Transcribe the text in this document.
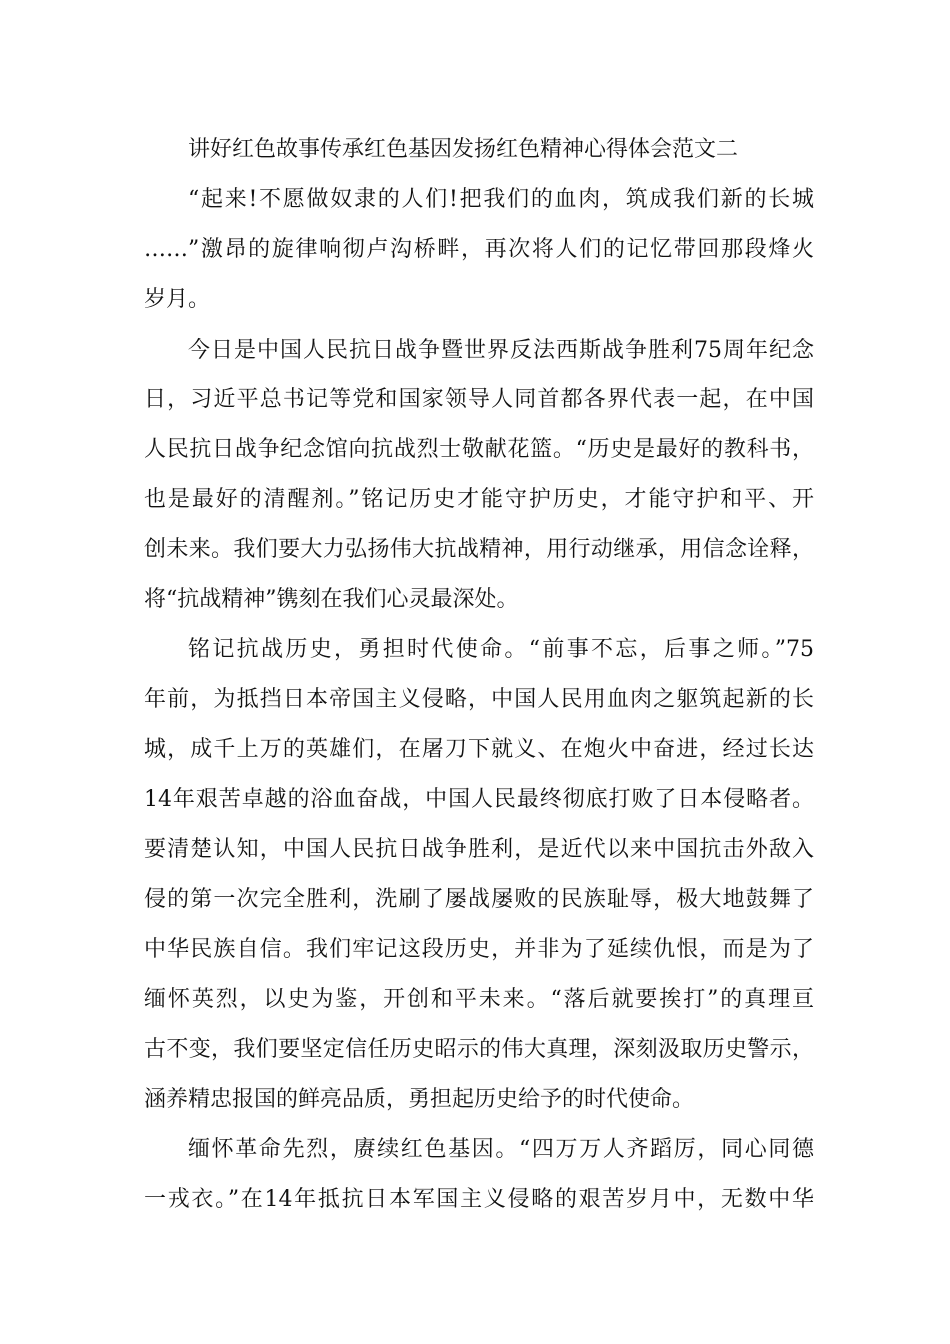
讲好红色故事传承红色基因发扬红色精神心得体会范文二
“起来!不愿做奴隶的人们!把我们的血肉，筑成我们新的长城
……”激昂的旋律响彻卢沟桥畔，再次将人们的记忆带回那段烽火
岁月。
今日是中国人民抗日战争暨世界反法西斯战争胜利75周年纪念
日，习近平总书记等党和国家领导人同首都各界代表一起，在中国
人民抗日战争纪念馆向抗战烈士敬献花篮。“历史是最好的教科书，
也是最好的清醒剂。”铭记历史才能守护历史，才能守护和平、开
创未来。我们要大力弘扬伟大抗战精神，用行动继承，用信念诠释，
将“抗战精神”镌刻在我们心灵最深处。
铭记抗战历史，勇担时代使命。“前事不忘，后事之师。”75
年前，为抵挡日本帝国主义侵略，中国人民用血肉之躯筑起新的长
城，成千上万的英雄们，在屠刀下就义、在炮火中奋进，经过长达
14年艰苦卓越的浴血奋战，中国人民最终彻底打败了日本侵略者。
要清楚认知，中国人民抗日战争胜利，是近代以来中国抗击外敌入
侵的第一次完全胜利，洗刷了屡战屡败的民族耻辱，极大地鼓舞了
中华民族自信。我们牢记这段历史，并非为了延续仇恨，而是为了
缅怀英烈，以史为鉴，开创和平未来。“落后就要挨打”的真理亘
古不变，我们要坚定信任历史昭示的伟大真理，深刻汲取历史警示，
涵养精忠报国的鲜亮品质，勇担起历史给予的时代使命。
缅怀革命先烈，赓续红色基因。“四万万人齐蹈厉，同心同德
一戎衣。”在14年抵抗日本军国主义侵略的艰苦岁月中，无数中华
